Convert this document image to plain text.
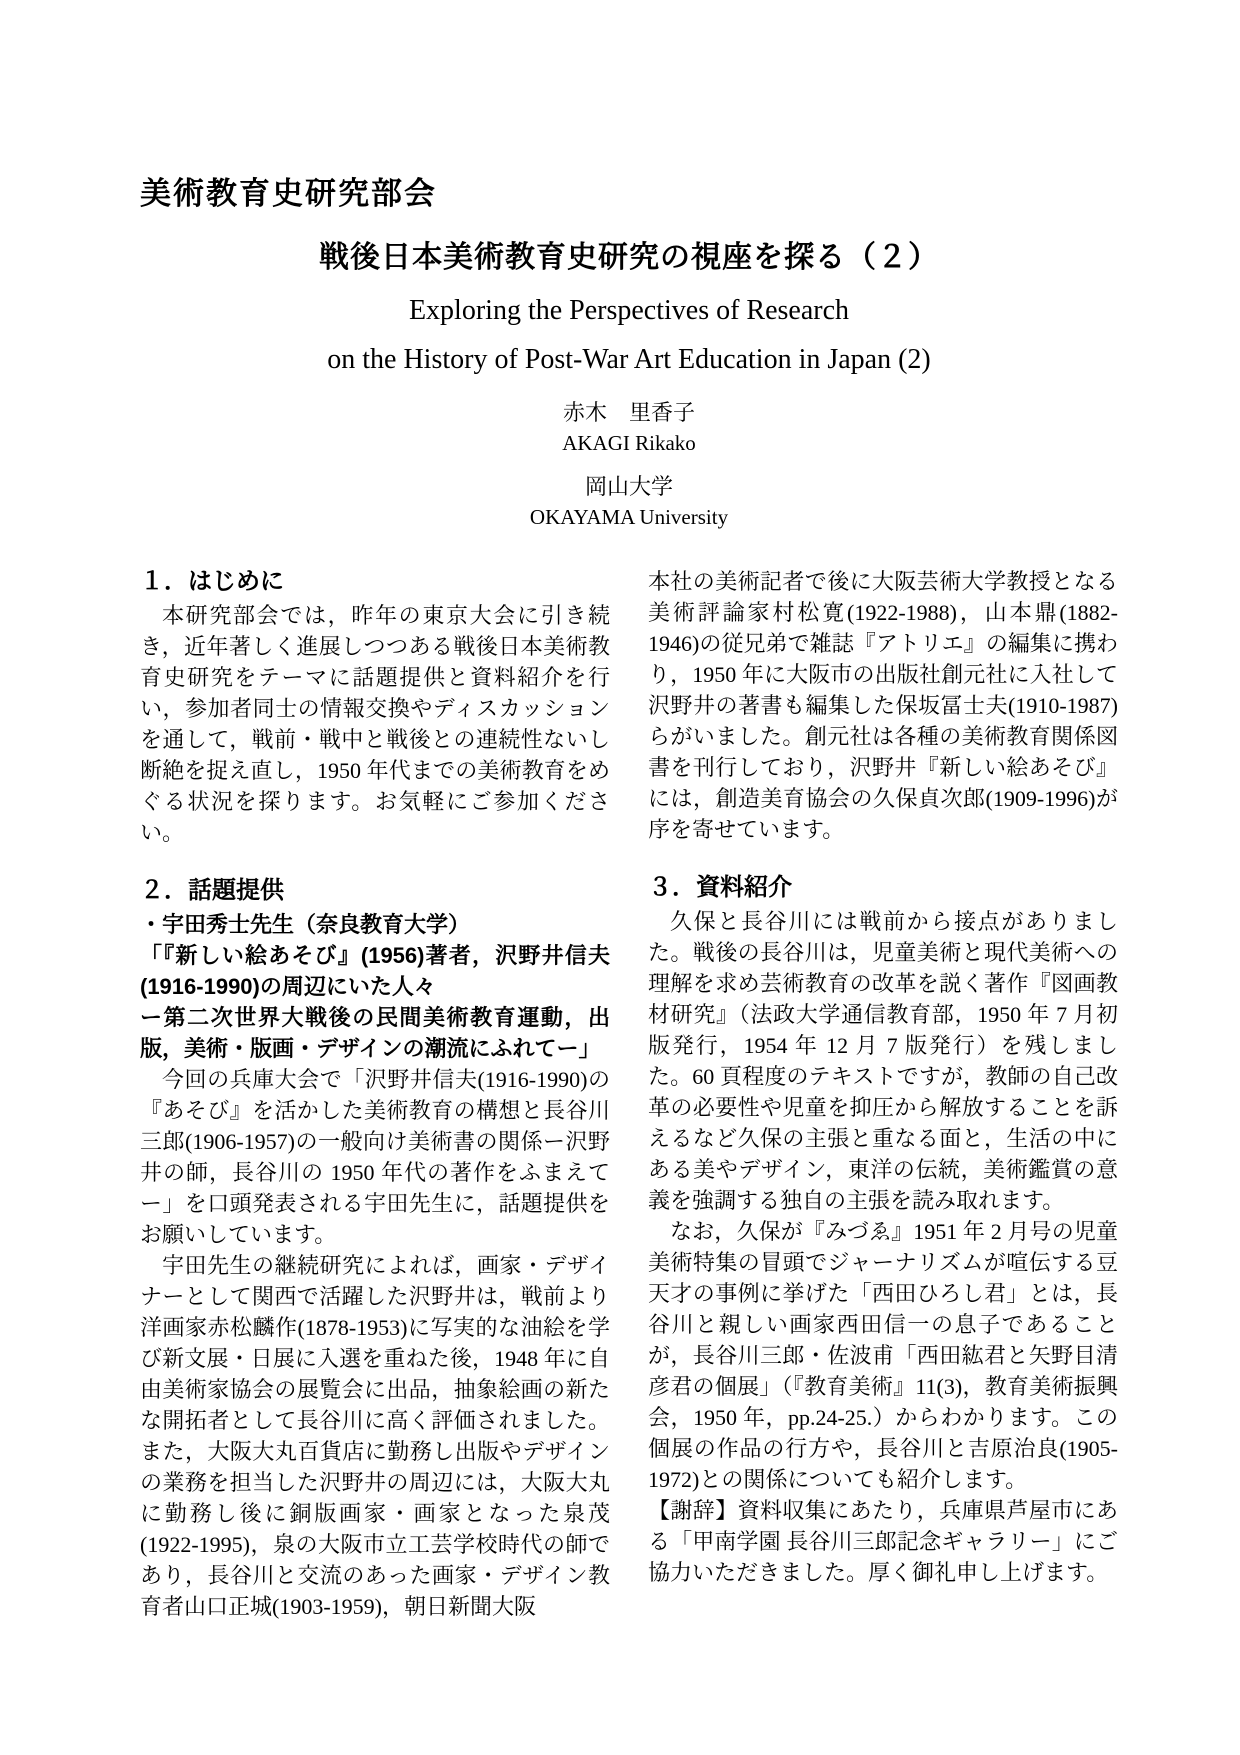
美術教育史研究部会
戦後日本美術教育史研究の視座を探る（２）
Exploring the Perspectives of Research
on the History of Post-War Art Education in Japan (2)
赤木　里香子
AKAGI Rikako
岡山大学
OKAYAMA University
１．はじめに

本研究部会では，昨年の東京大会に引き続き，近年著しく進展しつつある戦後日本美術教育史研究をテーマに話題提供と資料紹介を行い，参加者同士の情報交換やディスカッションを通して，戦前・戦中と戦後との連続性ないし断絶を捉え直し，1950 年代までの美術教育をめぐる状況を探ります。お気軽にご参加ください。

２．話題提供

・宇田秀士先生（奈良教育大学）

「『新しい絵あそび』(1956)著者，沢野井信夫(1916-1990)の周辺にいた人々

ー第二次世界大戦後の民間美術教育運動，出版，美術・版画・デザインの潮流にふれてー」

今回の兵庫大会で「沢野井信夫(1916-1990)の『あそび』を活かした美術教育の構想と長谷川三郎(1906-1957)の一般向け美術書の関係ー沢野井の師，長谷川の 1950 年代の著作をふまえてー」を口頭発表される宇田先生に，話題提供をお願いしています。

宇田先生の継続研究によれば，画家・デザイナーとして関西で活躍した沢野井は，戦前より洋画家赤松麟作(1878-1953)に写実的な油絵を学び新文展・日展に入選を重ねた後，1948 年に自由美術家協会の展覧会に出品，抽象絵画の新たな開拓者として長谷川に高く評価されました。また，大阪大丸百貨店に勤務し出版やデザインの業務を担当した沢野井の周辺には，大阪大丸に勤務し後に銅版画家・画家となった泉茂(1922-1995)，泉の大阪市立工芸学校時代の師であり，長谷川と交流のあった画家・デザイン教育者山口正城(1903-1959)，朝日新聞大阪

本社の美術記者で後に大阪芸術大学教授となる美術評論家村松寛(1922-1988)，山本鼎(1882-1946)の従兄弟で雑誌『アトリエ』の編集に携わり，1950 年に大阪市の出版社創元社に入社して沢野井の著書も編集した保坂冨士夫(1910-1987)らがいました。創元社は各種の美術教育関係図書を刊行しており，沢野井『新しい絵あそび』には，創造美育協会の久保貞次郎(1909-1996)が序を寄せています。

３．資料紹介

久保と長谷川には戦前から接点がありました。戦後の長谷川は，児童美術と現代美術への理解を求め芸術教育の改革を説く著作『図画教材研究』（法政大学通信教育部，1950 年 7 月初版発行，1954 年 12 月 7 版発行）を残しました。60 頁程度のテキストですが，教師の自己改革の必要性や児童を抑圧から解放することを訴えるなど久保の主張と重なる面と，生活の中にある美やデザイン，東洋の伝統，美術鑑賞の意義を強調する独自の主張を読み取れます。

なお，久保が『みづゑ』1951 年 2 月号の児童美術特集の冒頭でジャーナリズムが喧伝する豆天才の事例に挙げた「西田ひろし君」とは，長谷川と親しい画家西田信一の息子であることが，長谷川三郎・佐波甫「西田紘君と矢野目清彦君の個展」（『教育美術』11(3)，教育美術振興会，1950 年，pp.24-25.）からわかります。この個展の作品の行方や，長谷川と吉原治良(1905-1972)との関係についても紹介します。

【謝辞】資料収集にあたり，兵庫県芦屋市にある「甲南学園 長谷川三郎記念ギャラリー」にご協力いただきました。厚く御礼申し上げます。
